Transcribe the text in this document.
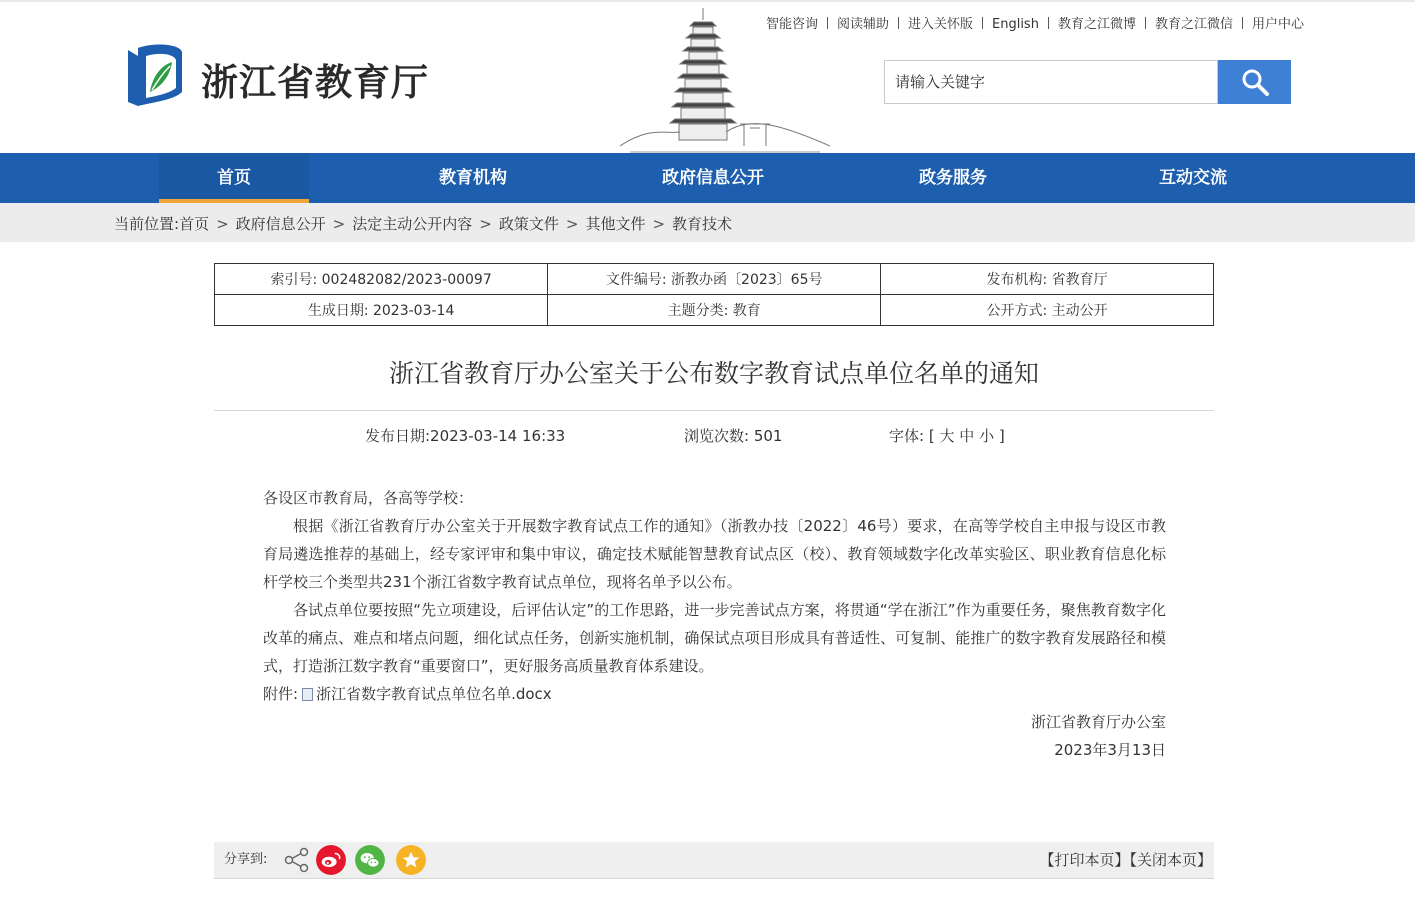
浙江省教育厅
智能咨询 阅读辅助 进入关怀版 English 教育之江微博 教育之江微信 用户中心
请输入关键字
首页	教育机构	政府信息公开	政务服务	互动交流
当前位置:首页 > 政府信息公开 > 法定主动公开内容 > 政策文件 > 其他文件 > 教育技术
索引号: 002482082/2023-00097	文件编号: 浙教办函〔2023〕65号	发布机构: 省教育厅
生成日期: 2023-03-14	主题分类: 教育	公开方式: 主动公开
浙江省教育厅办公室关于公布数字教育试点单位名单的通知
发布日期:2023-03-14 16:33	浏览次数: 501	字体: [ 大 中 小 ]

各设区市教育局，各高等学校：

根据《浙江省教育厅办公室关于开展数字教育试点工作的通知》（浙教办技〔2022〕46号）要求，在高等学校自主申报与设区市教育局遴选推荐的基础上，经专家评审和集中审议，确定技术赋能智慧教育试点区（校）、教育领域数字化改革实验区、职业教育信息化标杆学校三个类型共231个浙江省数字教育试点单位，现将名单予以公布。

各试点单位要按照“先立项建设，后评估认定”的工作思路，进一步完善试点方案，将贯通“学在浙江”作为重要任务，聚焦教育数字化改革的痛点、难点和堵点问题，细化试点任务，创新实施机制，确保试点项目形成具有普适性、可复制、能推广的数字教育发展路径和模式，打造浙江数字教育“重要窗口”，更好服务高质量教育体系建设。

附件: 浙江省数字教育试点单位名单.docx

浙江省教育厅办公室

2023年3月13日

分享到:	【打印本页】【关闭本页】
